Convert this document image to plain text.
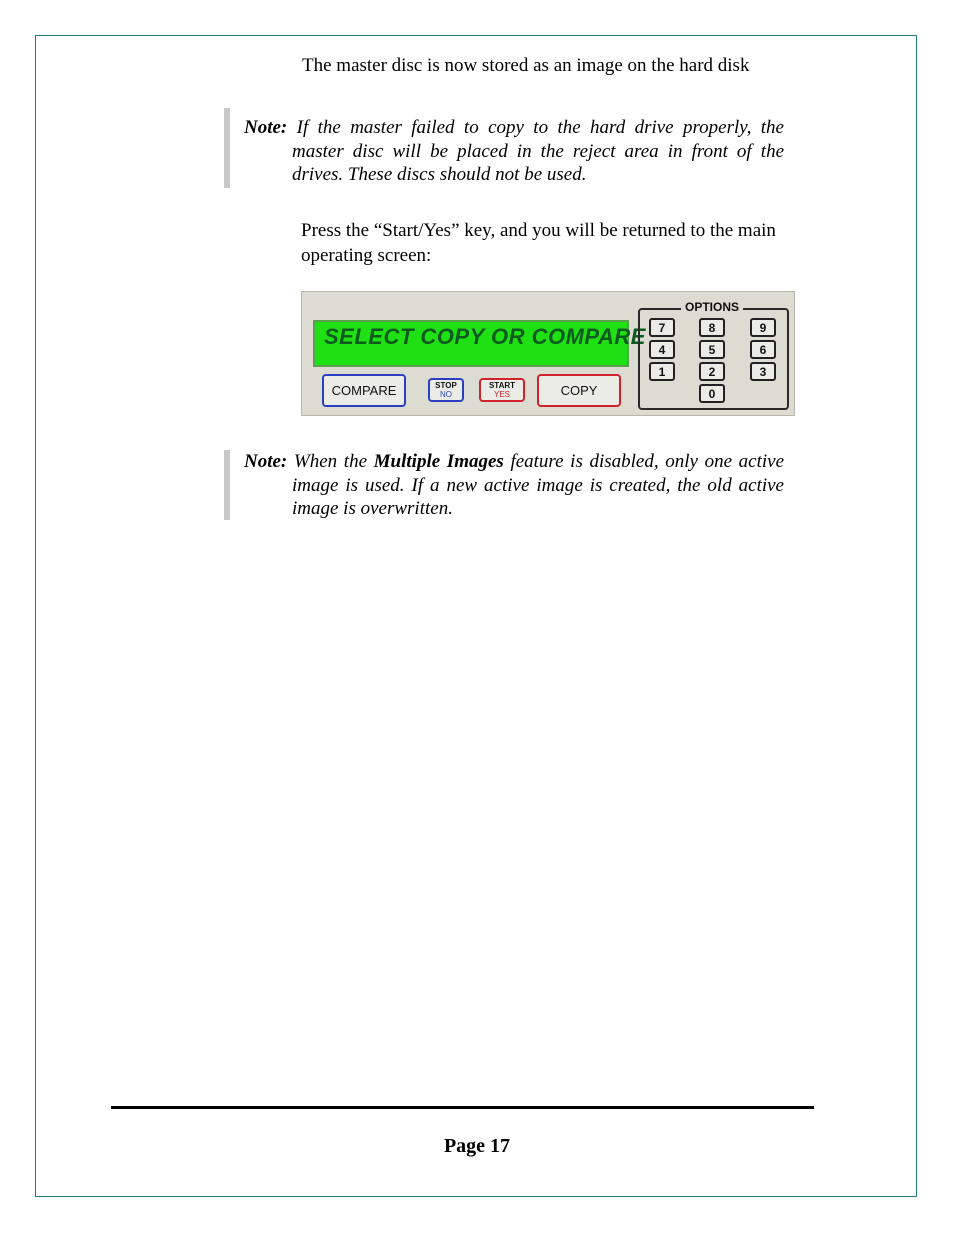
The master disc is now stored as an image on the hard disk
Note: If the master failed to copy to the hard drive properly, the master disc will be placed in the reject area in front of the drives. These discs should not be used.
Press the “Start/Yes” key, and you will be returned to the main operating screen:
SELECT COPY OR COMPARE
COMPARE	STOP
NO
START
YES	COPY
OPTIONS
7	8	9
4	5	6
1	2	3
0
Note: When the Multiple Images feature is disabled, only one active image is used. If a new active image is created, the old active image is overwritten.
Page 17
